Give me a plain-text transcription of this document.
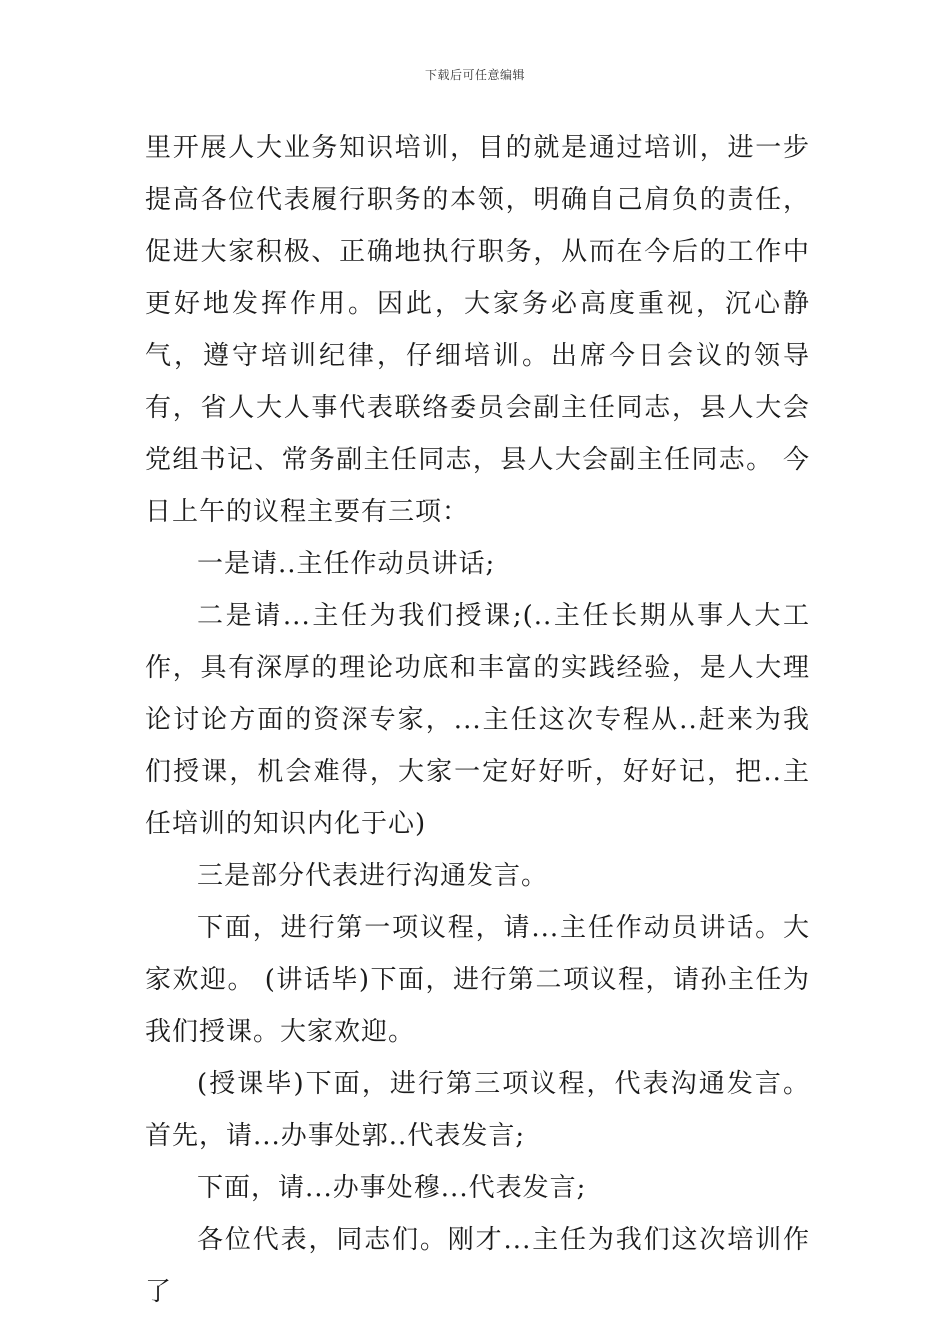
下载后可任意编辑

里开展人大业务知识培训，目的就是通过培训，进一步提高各位代表履行职务的本领，明确自己肩负的责任，促进大家积极、正确地执行职务，从而在今后的工作中更好地发挥作用。因此，大家务必高度重视，沉心静气，遵守培训纪律，仔细培训。出席今日会议的领导有，省人大人事代表联络委员会副主任同志，县人大会党组书记、常务副主任同志，县人大会副主任同志。 今日上午的议程主要有三项：

一是请..主任作动员讲话;

二是请...主任为我们授课;(..主任长期从事人大工作，具有深厚的理论功底和丰富的实践经验，是人大理论讨论方面的资深专家，...主任这次专程从..赶来为我们授课，机会难得，大家一定好好听，好好记，把..主任培训的知识内化于心)

三是部分代表进行沟通发言。

下面，进行第一项议程，请...主任作动员讲话。大家欢迎。 (讲话毕)下面，进行第二项议程，请孙主任为我们授课。大家欢迎。

(授课毕)下面，进行第三项议程，代表沟通发言。 首先，请...办事处郭..代表发言;

下面，请...办事处穆...代表发言;

各位代表，同志们。刚才...主任为我们这次培训作了
